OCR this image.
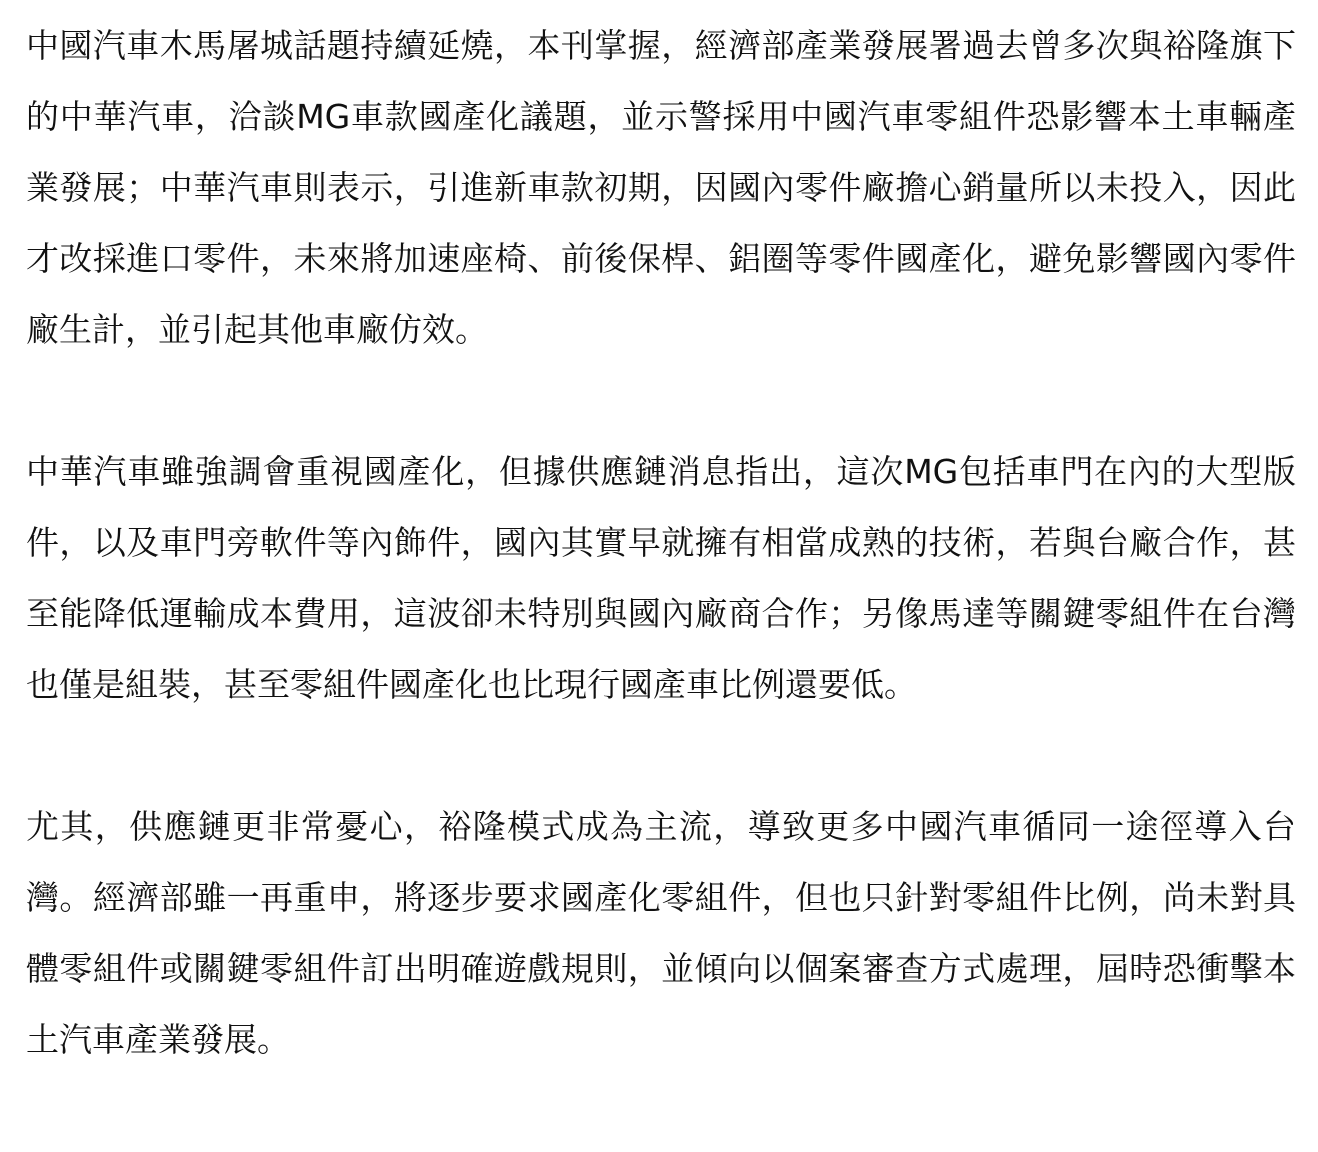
中國汽車木馬屠城話題持續延燒，本刊掌握，經濟部產業發展署過去曾多次與裕隆旗下的中華汽車，洽談MG車款國產化議題，並示警採用中國汽車零組件恐影響本土車輛產業發展；中華汽車則表示，引進新車款初期，因國內零件廠擔心銷量所以未投入，因此才改採進口零件，未來將加速座椅、前後保桿、鋁圈等零件國產化，避免影響國內零件廠生計，並引起其他車廠仿效。

中華汽車雖強調會重視國產化，但據供應鏈消息指出，這次MG包括車門在內的大型版件，以及車門旁軟件等內飾件，國內其實早就擁有相當成熟的技術，若與台廠合作，甚至能降低運輸成本費用，這波卻未特別與國內廠商合作；另像馬達等關鍵零組件在台灣也僅是組裝，甚至零組件國產化也比現行國產車比例還要低。

尤其，供應鏈更非常憂心，裕隆模式成為主流，導致更多中國汽車循同一途徑導入台灣。經濟部雖一再重申，將逐步要求國產化零組件，但也只針對零組件比例，尚未對具體零組件或關鍵零組件訂出明確遊戲規則，並傾向以個案審查方式處理，屆時恐衝擊本土汽車產業發展。
